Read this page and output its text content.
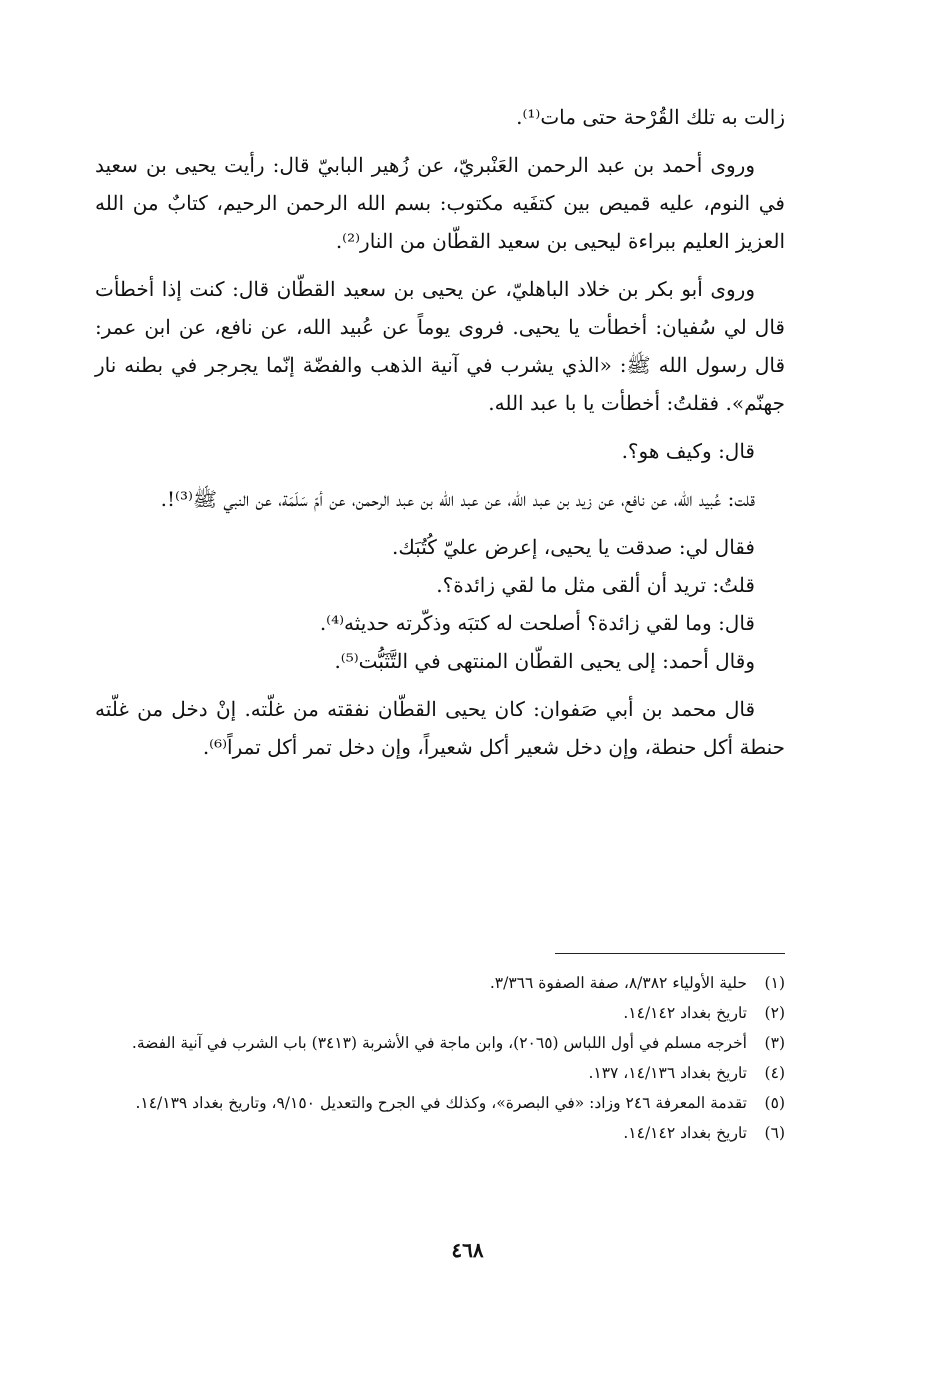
زالت به تلك القُرْحة حتى مات⁽¹⁾.

وروى أحمد بن عبد الرحمن العَنْبريّ، عن زُهير البابيّ قال: رأيت يحيى بن سعيد في النوم، عليه قميص بين كتفَيه مكتوب: بسم الله الرحمن الرحيم، كتابٌ من الله العزيز العليم ببراءة ليحيى بن سعيد القطّان من النار⁽²⁾.

وروى أبو بكر بن خلاد الباهليّ، عن يحيى بن سعيد القطّان قال: كنت إذا أخطأت قال لي سُفيان: أخطأت يا يحيى. فروى يوماً عن عُبيد الله، عن نافع، عن ابن عمر: قال رسول الله ﷺ: «الذي يشرب في آنية الذهب والفضّة إنّما يجرجر في بطنه نار جهنّم». فقلتُ: أخطأت يا با عبد الله.

قال: وكيف هو؟.

قلت: عُبيد الله، عن نافع، عن زيد بن عبد الله، عن عبد الله بن عبد الرحمن، عن أمّ سَلَمَة، عن النبي ﷺ⁽³⁾!.

فقال لي: صدقت يا يحيى، إعرض عليّ كُتُبَك.

قلتُ: تريد أن ألقى مثل ما لقي زائدة؟.

قال: وما لقي زائدة؟ أصلحت له كتبَه وذكّرته حديثه⁽⁴⁾.

وقال أحمد: إلى يحيى القطّان المنتهى في التَّثَبُّت⁽⁵⁾.

قال محمد بن أبي صَفوان: كان يحيى القطّان نفقته من غلّته. إنْ دخل من غلّته حنطة أكل حنطة، وإن دخل شعير أكل شعيراً، وإن دخل تمر أكل تمراً⁽⁶⁾.

(١)
حلية الأولياء ٨/٣٨٢، صفة الصفوة ٣/٣٦٦.
(٢)
تاريخ بغداد ١٤/١٤٢.
(٣)
أخرجه مسلم في أول اللباس (٢٠٦٥)، وابن ماجة في الأشربة (٣٤١٣) باب الشرب في آنية الفضة.
(٤)
تاريخ بغداد ١٤/١٣٦، ١٣٧.
(٥)
تقدمة المعرفة ٢٤٦ وزاد: «في البصرة»، وكذلك في الجرح والتعديل ٩/١٥٠، وتاريخ بغداد ١٤/١٣٩.
(٦)
تاريخ بغداد ١٤/١٤٢.
٤٦٨
